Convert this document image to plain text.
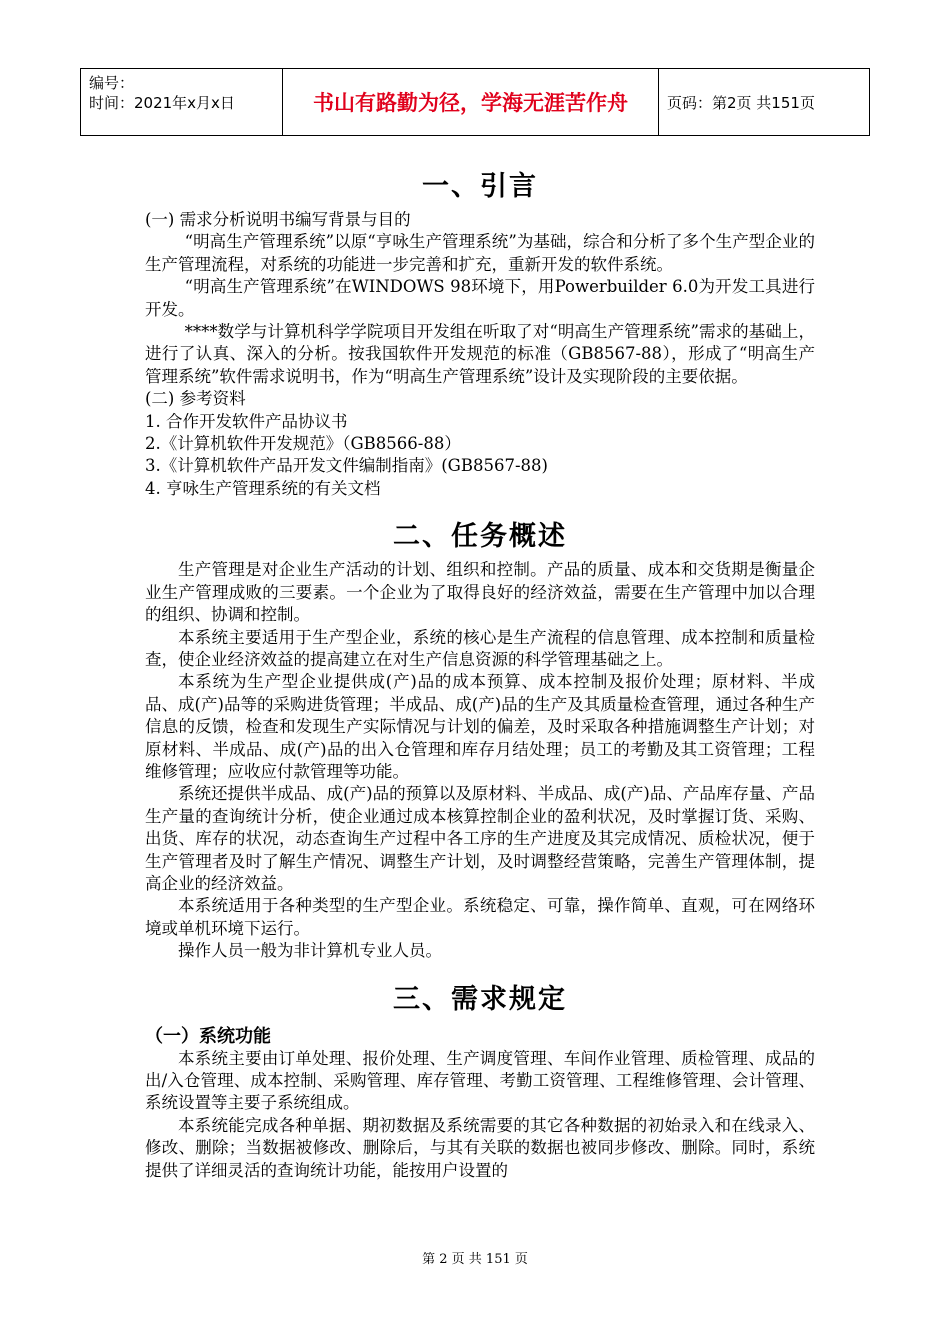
编号：
时间：2021年x月x日	书山有路勤为径，学海无涯苦作舟	页码：第2页 共151页
一、引言

(一) 需求分析说明书编写背景与目的

“明高生产管理系统”以原“亨咏生产管理系统”为基础，综合和分析了多个生产型企业的生产管理流程，对系统的功能进一步完善和扩充，重新开发的软件系统。

“明高生产管理系统”在WINDOWS 98环境下，用Powerbuilder 6.0为开发工具进行开发。

****数学与计算机科学学院项目开发组在听取了对“明高生产管理系统”需求的基础上，进行了认真、深入的分析。按我国软件开发规范的标准（GB8567-88），形成了“明高生产管理系统”软件需求说明书，作为“明高生产管理系统”设计及实现阶段的主要依据。

(二) 参考资料

1. 合作开发软件产品协议书

2.《计算机软件开发规范》（GB8566-88）

3.《计算机软件产品开发文件编制指南》(GB8567-88)

4. 亨咏生产管理系统的有关文档

二、任务概述

生产管理是对企业生产活动的计划、组织和控制。产品的质量、成本和交货期是衡量企业生产管理成败的三要素。一个企业为了取得良好的经济效益，需要在生产管理中加以合理的组织、协调和控制。

本系统主要适用于生产型企业，系统的核心是生产流程的信息管理、成本控制和质量检查，使企业经济效益的提高建立在对生产信息资源的科学管理基础之上。

本系统为生产型企业提供成(产)品的成本预算、成本控制及报价处理；原材料、半成品、成(产)品等的采购进货管理；半成品、成(产)品的生产及其质量检查管理，通过各种生产信息的反馈，检查和发现生产实际情况与计划的偏差，及时采取各种措施调整生产计划；对原材料、半成品、成(产)品的出入仓管理和库存月结处理；员工的考勤及其工资管理；工程维修管理；应收应付款管理等功能。

系统还提供半成品、成(产)品的预算以及原材料、半成品、成(产)品、产品库存量、产品生产量的查询统计分析，使企业通过成本核算控制企业的盈利状况，及时掌握订货、采购、出货、库存的状况，动态查询生产过程中各工序的生产进度及其完成情况、质检状况，便于生产管理者及时了解生产情况、调整生产计划，及时调整经营策略，完善生产管理体制，提高企业的经济效益。

本系统适用于各种类型的生产型企业。系统稳定、可靠，操作简单、直观，可在网络环境或单机环境下运行。

操作人员一般为非计算机专业人员。

三、需求规定
（一）系统功能

本系统主要由订单处理、报价处理、生产调度管理、车间作业管理、质检管理、成品的出/入仓管理、成本控制、采购管理、库存管理、考勤工资管理、工程维修管理、会计管理、系统设置等主要子系统组成。

本系统能完成各种单据、期初数据及系统需要的其它各种数据的初始录入和在线录入、修改、删除；当数据被修改、删除后，与其有关联的数据也被同步修改、删除。同时，系统提供了详细灵活的查询统计功能，能按用户设置的

第 2 页 共 151 页
